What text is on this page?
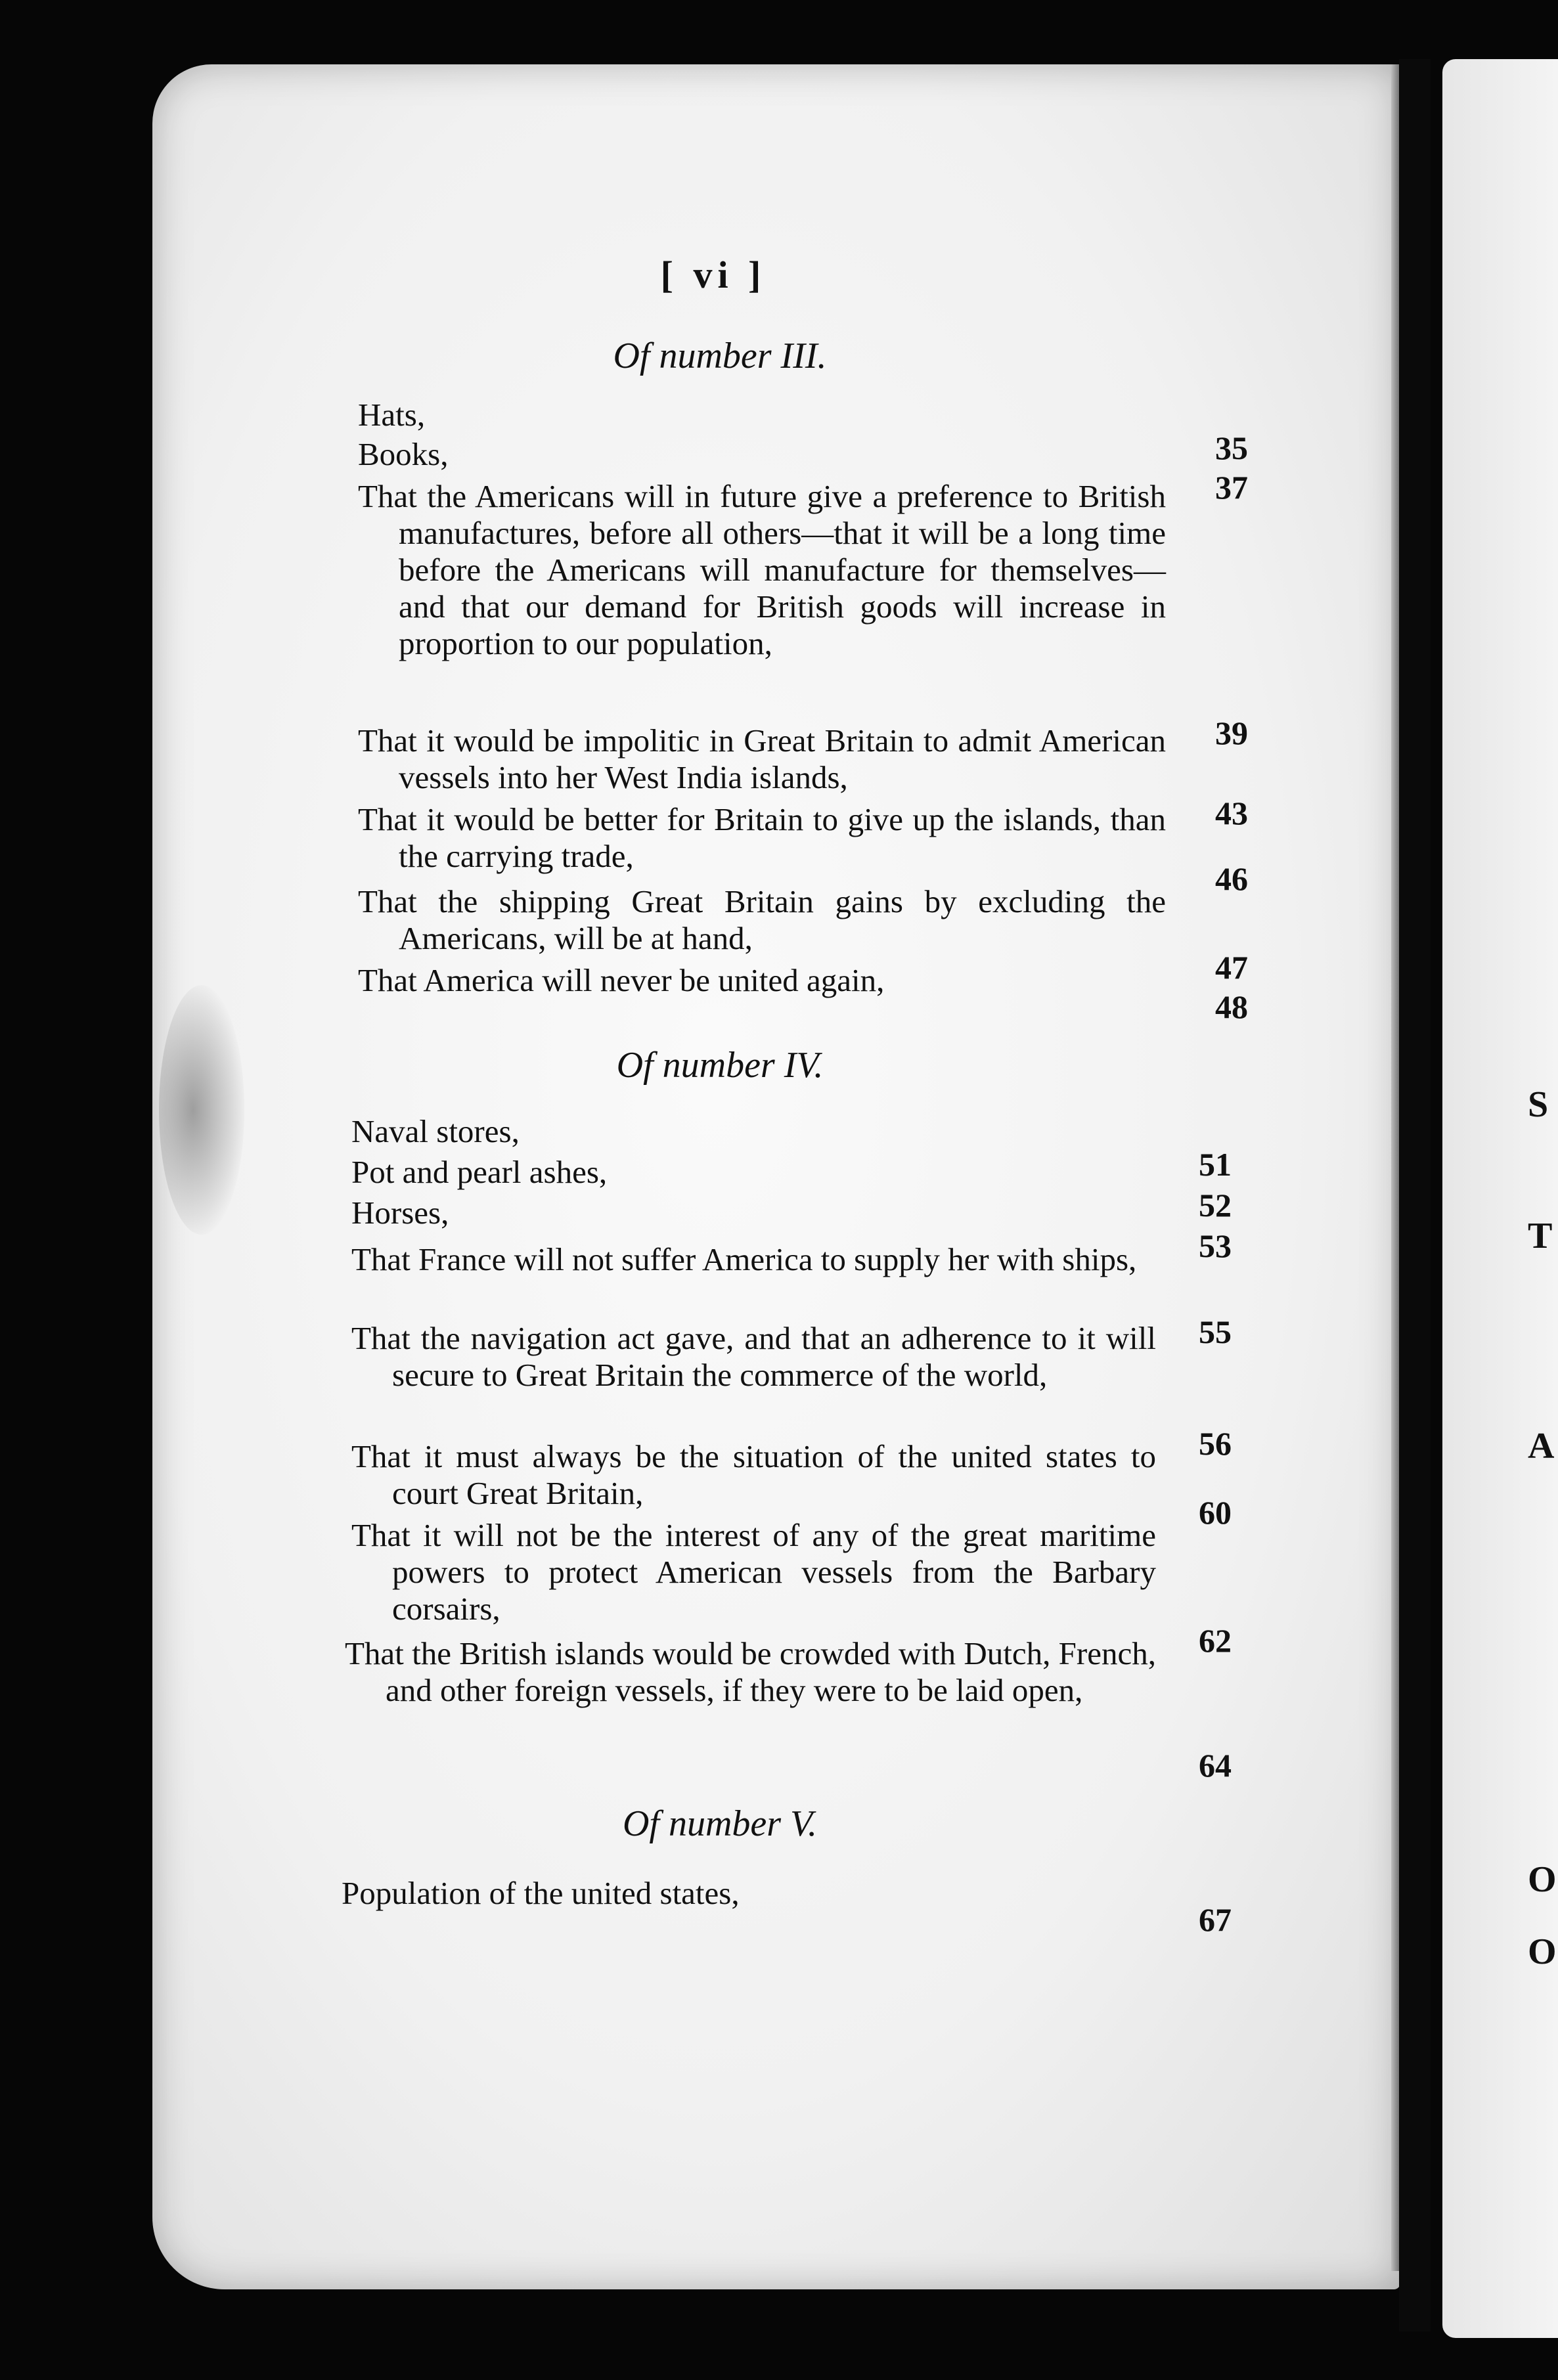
S
T
A
O
O
[ vi ]
Of number III.
Hats,
35
Books,
37
That the Americans will in future give a preference to British manufactures, before all others—that it will be a long time before the Americans will manufacture for themselves—and that our demand for British goods will increase in proportion to our population,
39
That it would be impolitic in Great Britain to admit American vessels into her West India islands,
43
That it would be better for Britain to give up the islands, than the carrying trade,
46
That the shipping Great Britain gains by excluding the Americans, will be at hand,
47
That America will never be united again,
48
Of number IV.
Naval stores,
51
Pot and pearl ashes,
52
Horses,
53
That France will not suffer America to supply her with ships,
55
That the navigation act gave, and that an adherence to it will secure to Great Britain the commerce of the world,
56
That it must always be the situation of the united states to court Great Britain,
60
That it will not be the interest of any of the great maritime powers to protect American vessels from the Barbary corsairs,
62
That the British islands would be crowded with Dutch, French, and other foreign vessels, if they were to be laid open,
64
Of number V.
Population of the united states,
67
